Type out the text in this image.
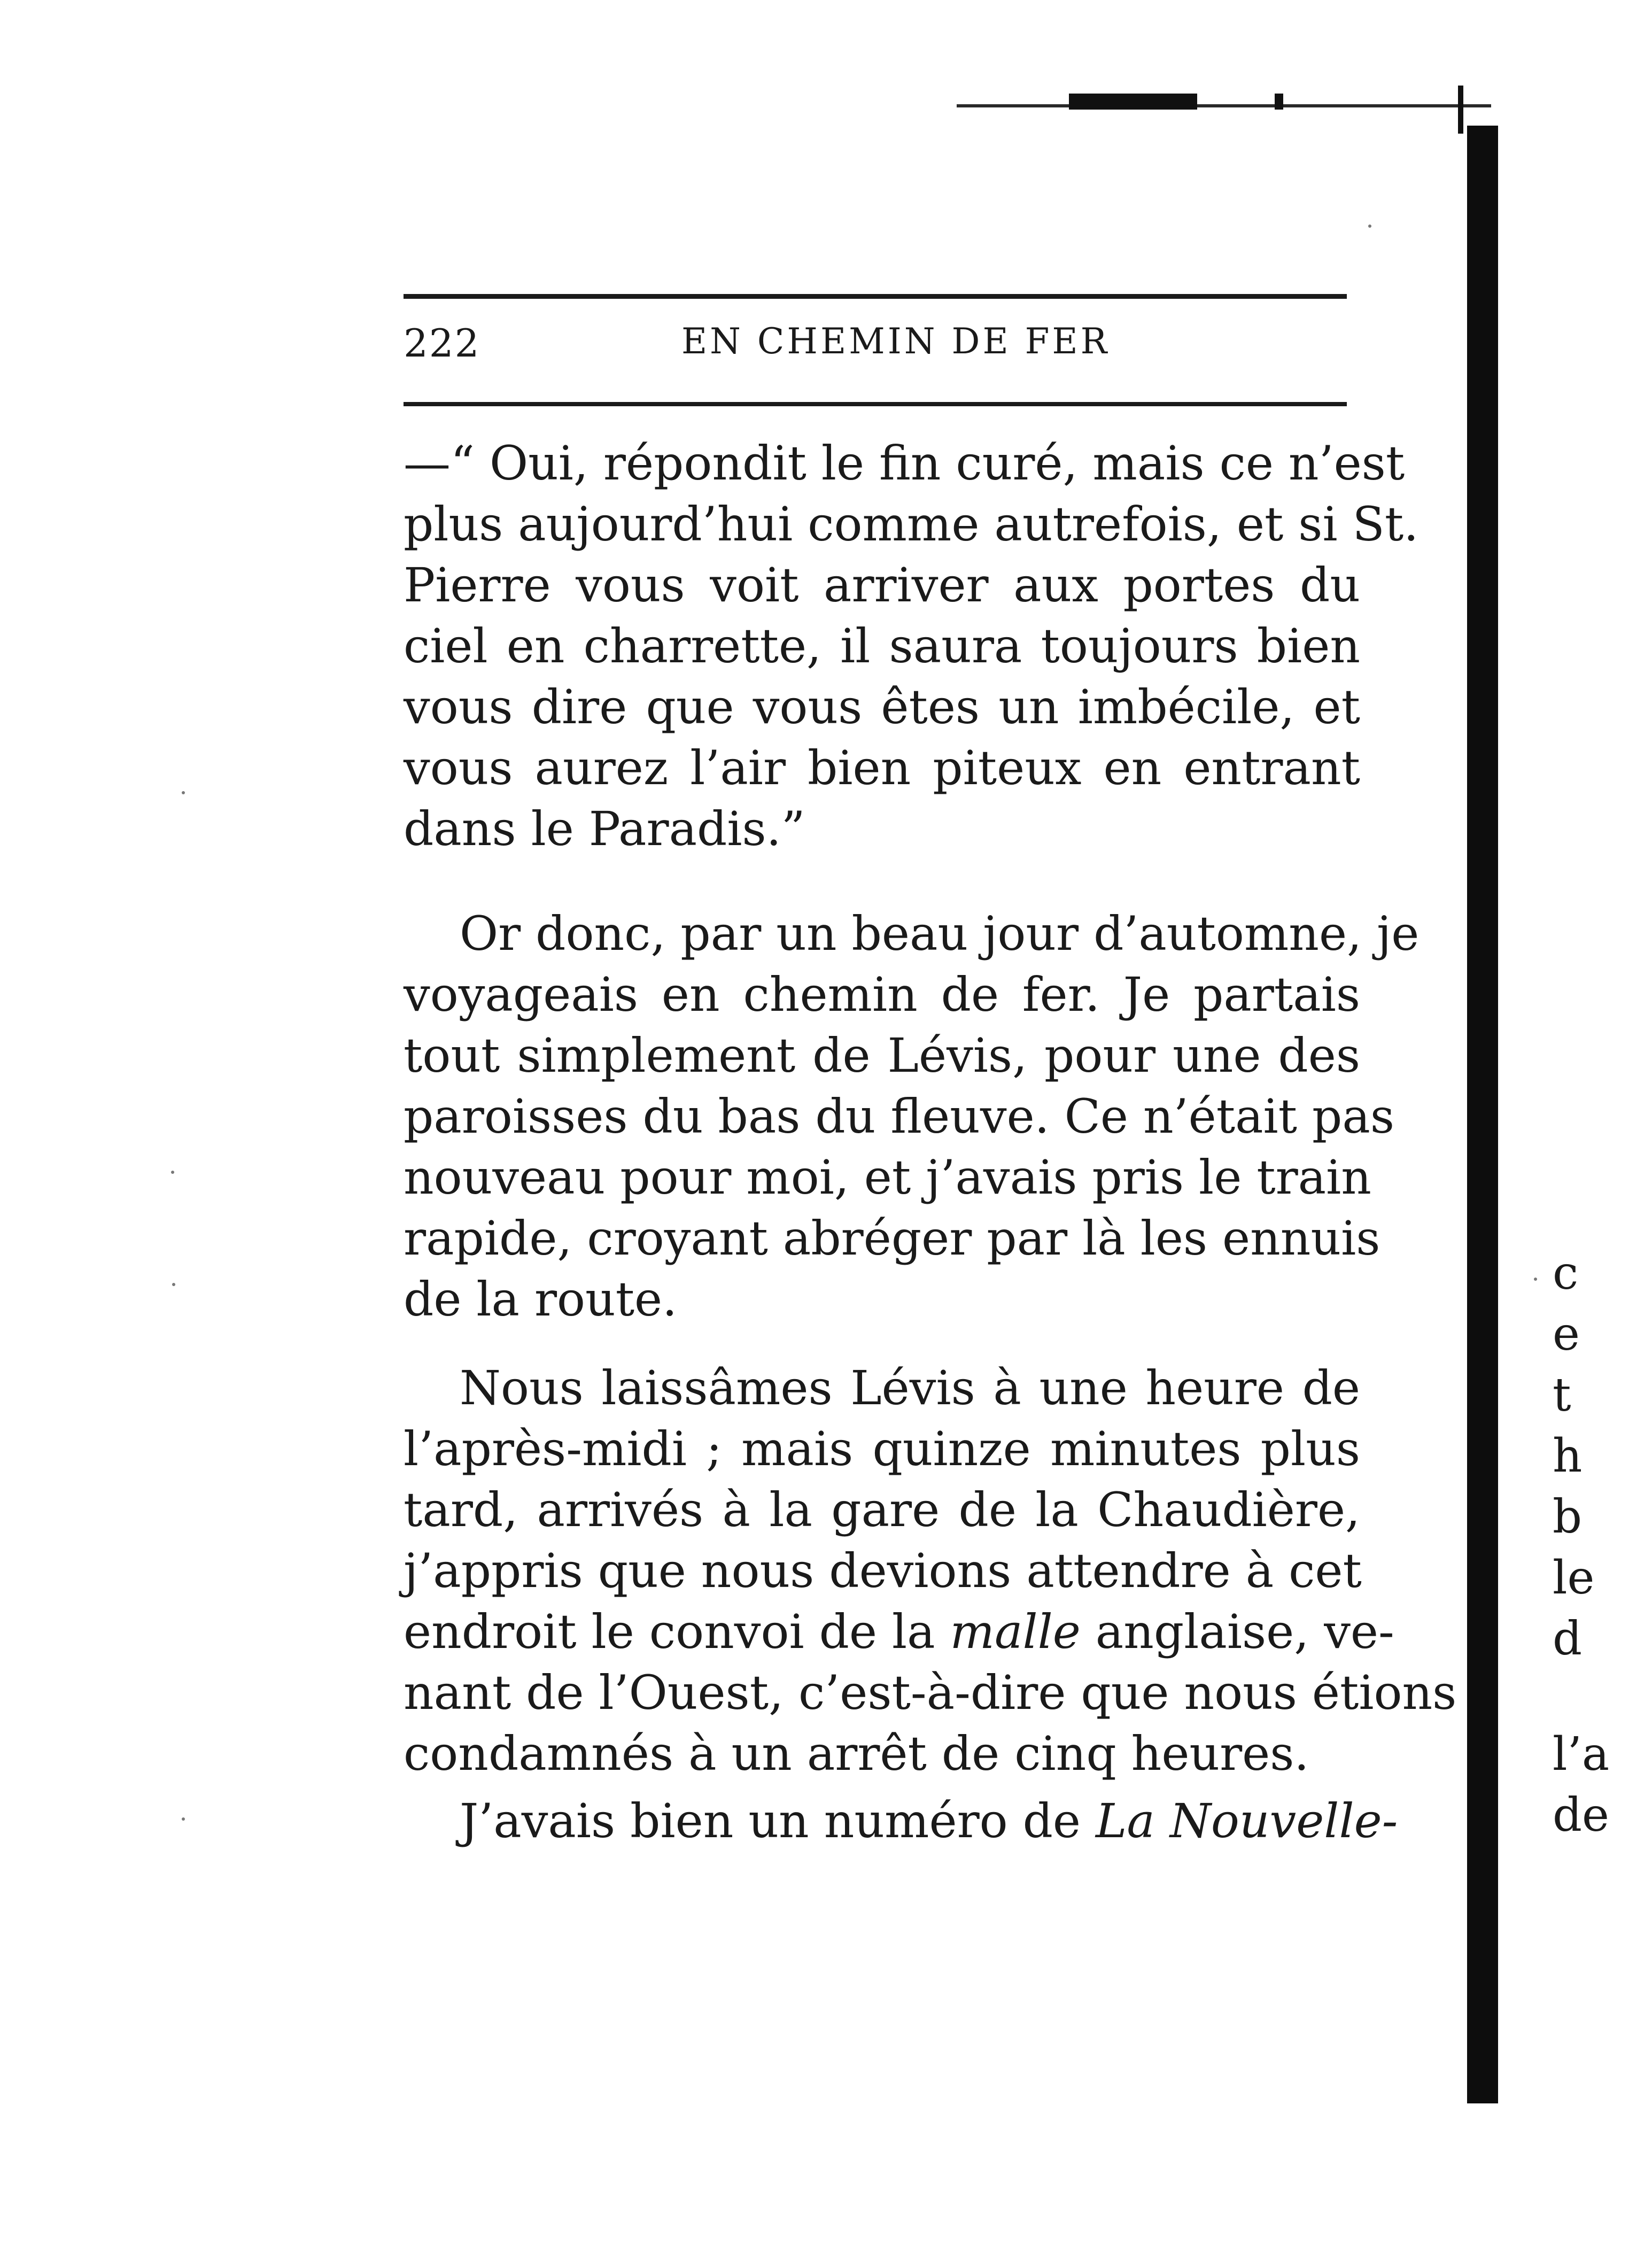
222	EN CHEMIN DE FER
—“ Oui, répondit le fin curé, mais ce n’est
plus aujourd’hui comme autrefois, et si St.
Pierre vous voit arriver aux portes du
ciel en charrette, il saura toujours bien
vous dire que vous êtes un imbécile, et
vous aurez l’air bien piteux en entrant
dans le Paradis.”
Or donc, par un beau jour d’automne, je
voyageais en chemin de fer. Je partais
tout simplement de Lévis, pour une des
paroisses du bas du fleuve. Ce n’était pas
nouveau pour moi, et j’avais pris le train
rapide, croyant abréger par là les ennuis
de la route.
Nous laissâmes Lévis à une heure de
l’après-midi ; mais quinze minutes plus
tard, arrivés à la gare de la Chaudière,
j’appris que nous devions attendre à cet
endroit le convoi de la malle anglaise, ve-
nant de l’Ouest, c’est-à-dire que nous étions
condamnés à un arrêt de cinq heures.
J’avais bien un numéro de La Nouvelle-
c
e
t
h
b
le
d
l’a
de
